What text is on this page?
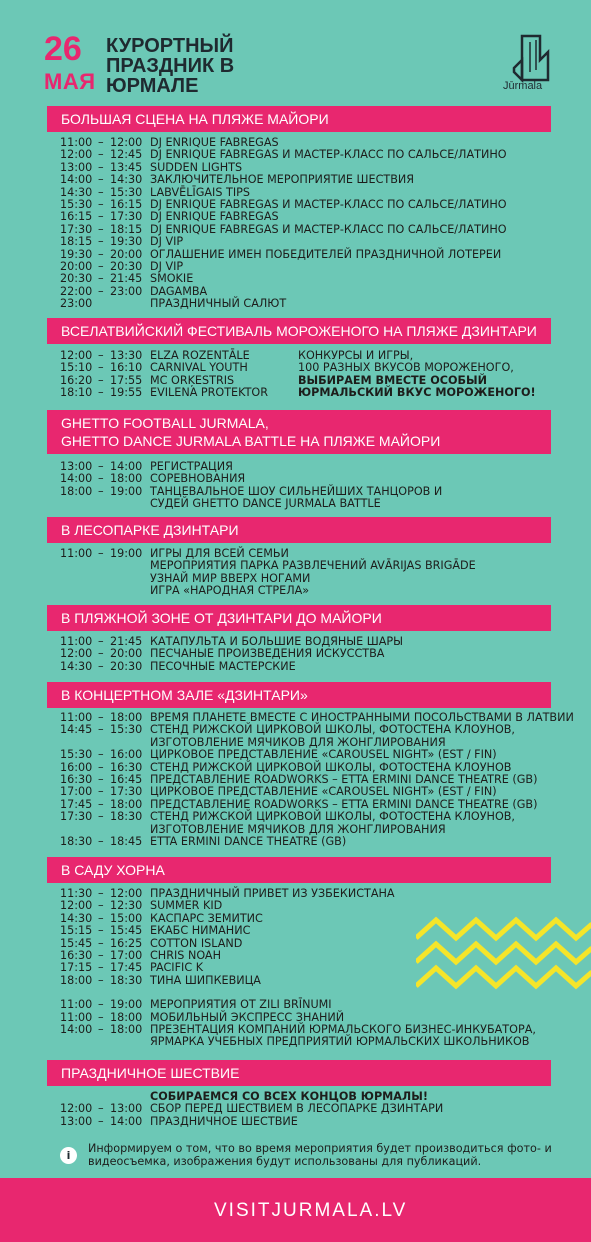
26
МАЯ
КУРОРТНЫЙ
ПРАЗДНИК В
ЮРМАЛЕ	Jūrmala
БОЛЬШАЯ СЦЕНА НА ПЛЯЖЕ МАЙОРИ
11:00 – 12:00 DJ ENRIQUE FABREGAS
12:00 – 12:45 DJ ENRIQUE FABREGAS И МАСТЕР-КЛАСС ПО САЛЬСЕ/ЛАТИНО
13:00 – 13:45 SUDDEN LIGHTS
14:00 – 14:30 ЗАКЛЮЧИТЕЛЬНОЕ МЕРОПРИЯТИЕ ШЕСТВИЯ
14:30 – 15:30 LABVĒLĪGAIS TIPS
15:30 – 16:15 DJ ENRIQUE FABREGAS И МАСТЕР-КЛАСС ПО САЛЬСЕ/ЛАТИНО
16:15 – 17:30 DJ ENRIQUE FABREGAS
17:30 – 18:15 DJ ENRIQUE FABREGAS И МАСТЕР-КЛАСС ПО САЛЬСЕ/ЛАТИНО
18:15 – 19:30 DJ VIP
19:30 – 20:00 ОГЛАШЕНИЕ ИМЕН ПОБЕДИТЕЛЕЙ ПРАЗДНИЧНОЙ ЛОТЕРЕИ
20:00 – 20:30 DJ VIP
20:30 – 21:45 SMOKIE
22:00 – 23:00 DAGAMBA
23:00	ПРАЗДНИЧНЫЙ САЛЮТ
ВСЕЛАТВИЙСКИЙ ФЕСТИВАЛЬ МОРОЖЕНОГО НА ПЛЯЖЕ ДЗИНТАРИ
12:00 – 13:30 ELZA ROZENTĀLE	КОНКУРСЫ И ИГРЫ,
15:10 – 16:10 CARNIVAL YOUTH	100 РАЗНЫХ ВКУСОВ МОРОЖЕНОГО,
16:20 – 17:55 MC ORĶESTRIS	ВЫБИРАЕМ ВМЕСТЕ ОСОБЫЙ
18:10 – 19:55 EVILENA PROTEKTOR	ЮРМАЛЬСКИЙ ВКУС МОРОЖЕНОГО!
GHETTO FOOTBALL JURMALA,
GHETTO DANCE JURMALA BATTLE НА ПЛЯЖЕ МАЙОРИ
13:00 – 14:00 РЕГИСТРАЦИЯ
14:00 – 18:00 СОРЕВНОВАНИЯ
18:00 – 19:00 ТАНЦЕВАЛЬНОЕ ШОУ СИЛЬНЕЙШИХ ТАНЦОРОВ И
СУДЕЙ GHETTO DANCE JURMALA BATTLE
В ЛЕСОПАРКЕ ДЗИНТАРИ
11:00 – 19:00 ИГРЫ ДЛЯ ВСЕЙ СЕМЬИ
МЕРОПРИЯТИЯ ПАРКА РАЗВЛЕЧЕНИЙ AVĀRIJAS BRIGĀDE
УЗНАЙ МИР ВВЕРХ НОГАМИ
ИГРА «НАРОДНАЯ СТРЕЛА»
В ПЛЯЖНОЙ ЗОНЕ ОТ ДЗИНТАРИ ДО МАЙОРИ
11:00 – 21:45 КАТАПУЛЬТА И БОЛЬШИЕ ВОДЯНЫЕ ШАРЫ
12:00 – 20:00 ПЕСЧАНЫЕ ПРОИЗВЕДЕНИЯ ИСКУССТВА
14:30 – 20:30 ПЕСОЧНЫЕ МАСТЕРСКИЕ
В КОНЦЕРТНОМ ЗАЛЕ «ДЗИНТАРИ»
11:00 – 18:00 ВРЕМЯ ПЛАНЕТЕ ВМЕСТЕ С ИНОСТРАННЫМИ ПОСОЛЬСТВАМИ В ЛАТВИИ
14:45 – 15:30 СТЕНД РИЖСКОЙ ЦИРКОВОЙ ШКОЛЫ, ФОТОСТЕНА КЛОУНОВ,
ИЗГОТОВЛЕНИЕ МЯЧИКОВ ДЛЯ ЖОНГЛИРОВАНИЯ
15:30 – 16:00 ЦИРКОВОЕ ПРЕДСТАВЛЕНИЕ «CAROUSEL NIGHT» (EST / FIN)
16:00 – 16:30 СТЕНД РИЖСКОЙ ЦИРКОВОЙ ШКОЛЫ, ФОТОСТЕНА КЛОУНОВ
16:30 – 16:45 ПРЕДСТАВЛЕНИЕ ROADWORKS – ETTA ERMINI DANCE THEATRE (GB)
17:00 – 17:30 ЦИРКОВОЕ ПРЕДСТАВЛЕНИЕ «CAROUSEL NIGHT» (EST / FIN)
17:45 – 18:00 ПРЕДСТАВЛЕНИЕ ROADWORKS – ETTA ERMINI DANCE THEATRE (GB)
17:30 – 18:30 СТЕНД РИЖСКОЙ ЦИРКОВОЙ ШКОЛЫ, ФОТОСТЕНА КЛОУНОВ,
ИЗГОТОВЛЕНИЕ МЯЧИКОВ ДЛЯ ЖОНГЛИРОВАНИЯ
18:30 – 18:45 ETTA ERMINI DANCE THEATRE (GB)
В САДУ ХОРНА
11:30 – 12:00 ПРАЗДНИЧНЫЙ ПРИВЕТ ИЗ УЗБЕКИСТАНА
12:00 – 12:30 SUMMER KID
14:30 – 15:00 КАСПАРС ЗЕМИТИС
15:15 – 15:45 ЕКАБС НИМАНИС
15:45 – 16:25 COTTON ISLAND
16:30 – 17:00 CHRIS NOAH
17:15 – 17:45 PACIFIC K
18:00 – 18:30 ТИНА ШИПКЕВИЦА
11:00 – 19:00 МЕРОПРИЯТИЯ ОТ ZILI BRĪNUMI
11:00 – 18:00 МОБИЛЬНЫЙ ЭКСПРЕСС ЗНАНИЙ
14:00 – 18:00 ПРЕЗЕНТАЦИЯ КОМПАНИЙ ЮРМАЛЬСКОГО БИЗНЕС-ИНКУБАТОРА,
ЯРМАРКА УЧЕБНЫХ ПРЕДПРИЯТИЙ ЮРМАЛЬСКИХ ШКОЛЬНИКОВ
ПРАЗДНИЧНОЕ ШЕСТВИЕ
СОБИРАЕМСЯ СО ВСЕХ КОНЦОВ ЮРМАЛЫ!
12:00 – 13:00 СБОР ПЕРЕД ШЕСТВИЕМ В ЛЕСОПАРКЕ ДЗИНТАРИ
13:00 – 14:00 ПРАЗДНИЧНОЕ ШЕСТВИЕ
i
Информируем о том, что во время мероприятия будет производиться фото- и видеосъемка, изображения будут использованы для публикаций.
VISITJURMALA.LV
